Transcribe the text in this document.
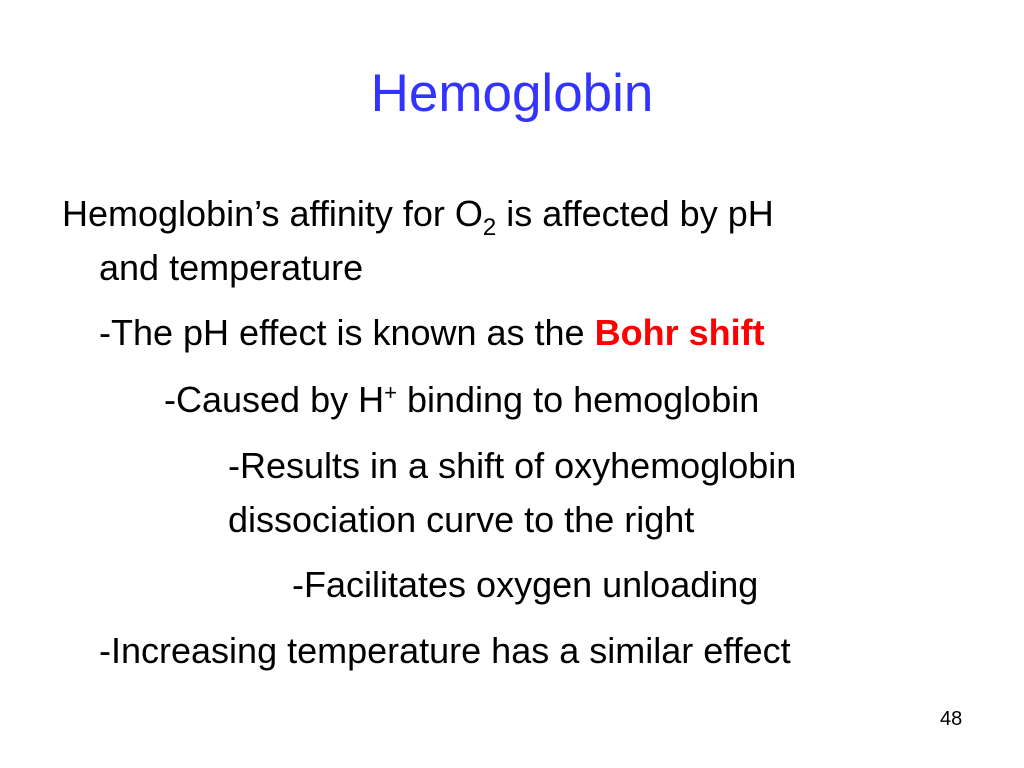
Hemoglobin
Hemoglobin’s affinity for $O_2$ is affected by pH
and temperature
-The pH effect is known as the Bohr shift
-Caused by H+ binding to hemoglobin
-Results in a shift of oxyhemoglobin
dissociation curve to the right
-Facilitates oxygen unloading
-Increasing temperature has a similar effect
48
